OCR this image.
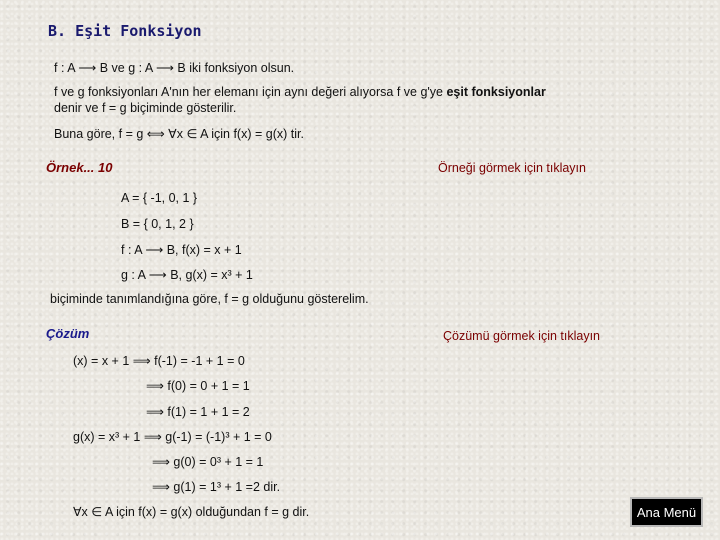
B. Eşit Fonksiyon
f : A ⟶ B ve g : A ⟶ B iki fonksiyon olsun.
f ve g fonksiyonları A'nın her elemanı için aynı değeri alıyorsa f ve g'ye eşit fonksiyonlar denir ve f = g biçiminde gösterilir.
Buna göre, f = g ⟺ ∀x ∈ A için f(x) = g(x) tir.
Örnek... 10	Örneği görmek için tıklayın
A = { -1, 0, 1 }
B = { 0, 1, 2 }
f : A ⟶ B, f(x) = x + 1
g : A ⟶ B, g(x) = x³ + 1
biçiminde tanımlandığına göre, f = g olduğunu gösterelim.
Çözüm	Çözümü görmek için tıklayın
(x) = x + 1 ⟹ f(-1) = -1 + 1 = 0
⟹ f(0) = 0 + 1 = 1
⟹ f(1) = 1 + 1 = 2
g(x) = x³ + 1 ⟹ g(-1) = (-1)³ + 1 = 0
⟹ g(0) = 0³ + 1 = 1
⟹ g(1) = 1³ + 1 =2 dir.
∀x ∈ A için f(x) = g(x) olduğundan f = g dir.	Ana Menü
